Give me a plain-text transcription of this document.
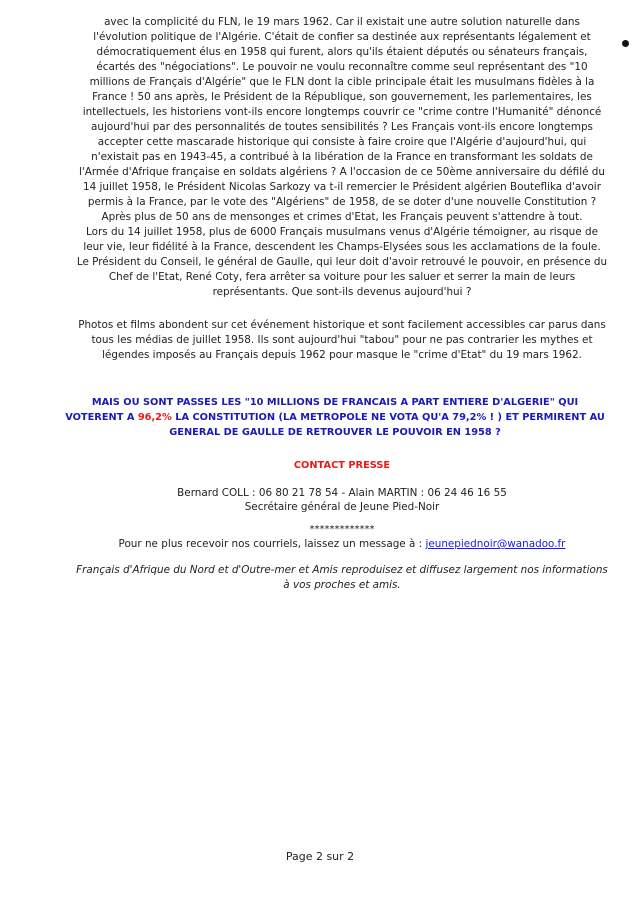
avec la complicité du FLN, le 19 mars 1962. Car il existait une autre solution naturelle dans l'évolution politique de l'Algérie. C'était de confier sa destinée aux représentants légalement et démocratiquement élus en 1958 qui furent, alors qu'ils étaient députés ou sénateurs français, écartés des "négociations". Le pouvoir ne voulu reconnaître comme seul représentant des "10 millions de Français d'Algérie" que le FLN dont la cible principale était les musulmans fidèles à la France ! 50 ans après, le Président de la République, son gouvernement, les parlementaires, les intellectuels, les historiens vont-ils encore longtemps couvrir ce "crime contre l'Humanité" dénoncé aujourd'hui par des personnalités de toutes sensibilités ? Les Français vont-ils encore longtemps accepter cette mascarade historique qui consiste à faire croire que l'Algérie d'aujourd'hui, qui n'existait pas en 1943-45, a contribué à la libération de la France en transformant les soldats de l'Armée d'Afrique française en soldats algériens ? A l'occasion de ce 50ème anniversaire du défilé du 14 juillet 1958, le Président Nicolas Sarkozy va t-il remercier le Président algérien Bouteflika d'avoir permis à la France, par le vote des "Algériens" de 1958, de se doter d'une nouvelle Constitution ? Après plus de 50 ans de mensonges et crimes d'Etat, les Français peuvent s'attendre à tout.

Lors du 14 juillet 1958, plus de 6000 Français musulmans venus d'Algérie témoigner, au risque de leur vie, leur fidélité à la France, descendent les Champs-Elysées sous les acclamations de la foule. Le Président du Conseil, le général de Gaulle, qui leur doit d'avoir retrouvé le pouvoir, en présence du Chef de l'Etat, René Coty, fera arrêter sa voiture pour les saluer et serrer la main de leurs représentants. Que sont-ils devenus aujourd'hui ?

Photos et films abondent sur cet événement historique et sont facilement accessibles car parus dans tous les médias de juillet 1958. Ils sont aujourd'hui "tabou" pour ne pas contrarier les mythes et légendes imposés au Français depuis 1962 pour masque le "crime d'Etat" du 19 mars 1962.

MAIS OU SONT PASSES LES "10 MILLIONS DE FRANCAIS A PART ENTIERE D'ALGERIE" QUI VOTERENT A 96,2% LA CONSTITUTION (LA METROPOLE NE VOTA QU'A 79,2% ! ) ET PERMIRENT AU GENERAL DE GAULLE DE RETROUVER LE POUVOIR EN 1958 ?

CONTACT PRESSE

Bernard COLL : 06 80 21 78 54 - Alain MARTIN : 06 24 46 16 55

Secrétaire général de Jeune Pied-Noir

*************

Pour ne plus recevoir nos courriels, laissez un message à : jeunepiednoir@wanadoo.fr

Français d'Afrique du Nord et d'Outre-mer et Amis reproduisez et diffusez largement nos informations à vos proches et amis.

Page 2 sur 2
